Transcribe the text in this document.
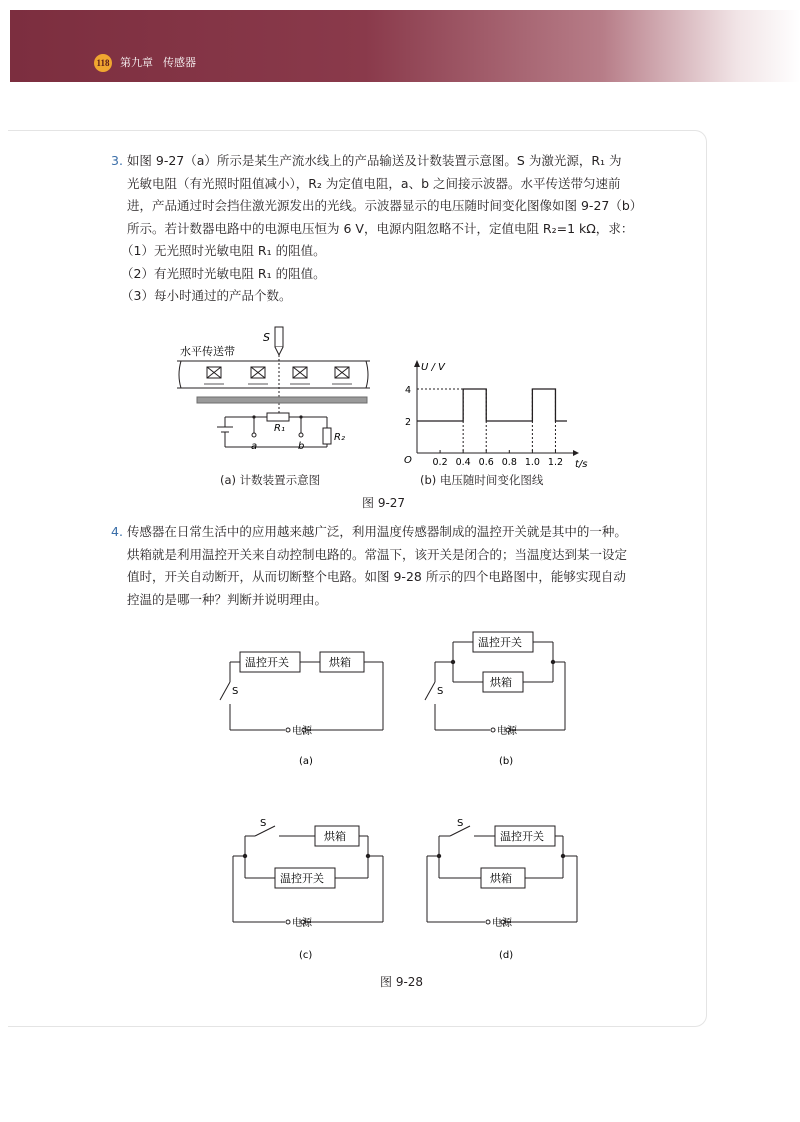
118 第九章 传感器
3. 如图 9-27（a）所示是某生产流水线上的产品输送及计数装置示意图。S 为激光源，R₁ 为
光敏电阻（有光照时阻值减小），R₂ 为定值电阻，a、b 之间接示波器。水平传送带匀速前
进，产品通过时会挡住激光源发出的光线。示波器显示的电压随时间变化图像如图 9-27（b）
所示。若计数器电路中的电源电压恒为 6 V，电源内阻忽略不计，定值电阻 R₂=1 kΩ，求：
（1）无光照时光敏电阻 R₁ 的阻值。
（2）有光照时光敏电阻 R₁ 的阻值。
（3）每小时通过的产品个数。
S
水平传送带
a	b
R₁
R₂
U / V
t/s
O 0.2 0.4 0.6 0.8 1.0 1.2
2
4
(a) 计数装置示意图	(b) 电压随时间变化图线
图 9-27
4. 传感器在日常生活中的应用越来越广泛，利用温度传感器制成的温控开关就是其中的一种。
烘箱就是利用温控开关来自动控制电路的。常温下，该开关是闭合的；当温度达到某一设定
值时，开关自动断开，从而切断整个电路。如图 9-28 所示的四个电路图中，能够实现自动
控温的是哪一种？判断并说明理由。
温控开关	烘箱
S
电源
(a)
温控开关
烘箱
S
电源
(b)
S
烘箱
温控开关
电源
(c)
S
温控开关
烘箱
电源
(d)
图 9-28
